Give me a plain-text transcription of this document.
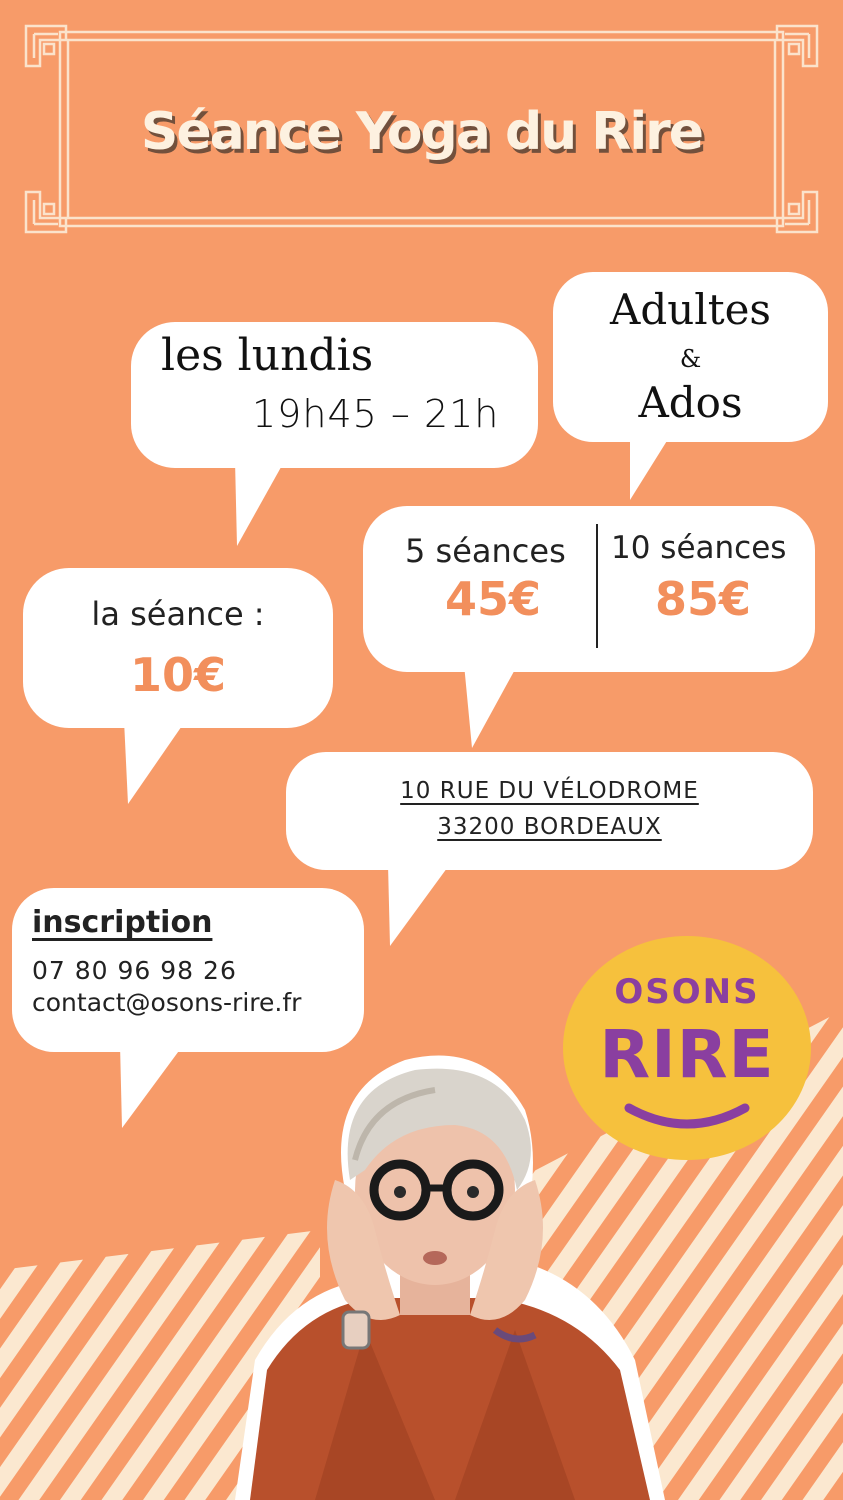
Séance Yoga du Rire
les lundis
19h45 – 21h
Adultes
&
Ados
5 séances
45€
10 séances
85€
la séance :
10€
10 RUE DU VÉLODROME
33200 BORDEAUX
inscription
07 80 96 98 26
contact@osons-rire.fr	OSONS
RIRE
